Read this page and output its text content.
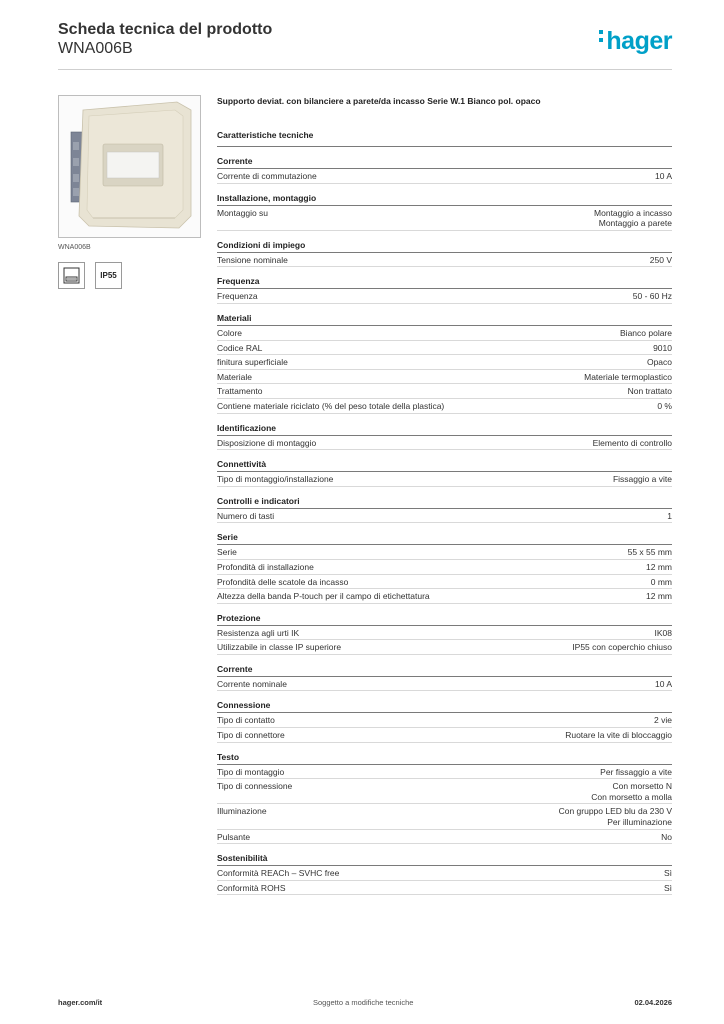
Scheda tecnica del prodotto
WNA006B	hager
WNA006B
IP55
Supporto deviat. con bilanciere a parete/da incasso Serie W.1 Bianco pol. opaco
Caratteristiche tecniche
Corrente
Corrente di commutazione	10 A
Installazione, montaggio
Montaggio su	Montaggio a incasso
Montaggio a parete
Condizioni di impiego
Tensione nominale	250 V
Frequenza
Frequenza	50 - 60 Hz
Materiali
Colore	Bianco polare
Codice RAL	9010
finitura superficiale	Opaco
Materiale	Materiale termoplastico
Trattamento	Non trattato
Contiene materiale riciclato (% del peso totale della plastica)	0 %
Identificazione
Disposizione di montaggio	Elemento di controllo
Connettività
Tipo di montaggio/installazione	Fissaggio a vite
Controlli e indicatori
Numero di tasti	1
Serie
Serie	55 x 55 mm
Profondità di installazione	12 mm
Profondità delle scatole da incasso	0 mm
Altezza della banda P-touch per il campo di etichettatura	12 mm
Protezione
Resistenza agli urti IK	IK08
Utilizzabile in classe IP superiore	IP55 con coperchio chiuso
Corrente
Corrente nominale	10 A
Connessione
Tipo di contatto	2 vie
Tipo di connettore	Ruotare la vite di bloccaggio
Testo
Tipo di montaggio	Per fissaggio a vite
Tipo di connessione	Con morsetto N
Con morsetto a molla
Illuminazione	Con gruppo LED blu da 230 V
Per illuminazione
Pulsante	No
Sostenibilità
Conformità REACh – SVHC free	Sì
Conformità ROHS	Sì
hager.com/it	Soggetto a modifiche tecniche	02.04.2026
